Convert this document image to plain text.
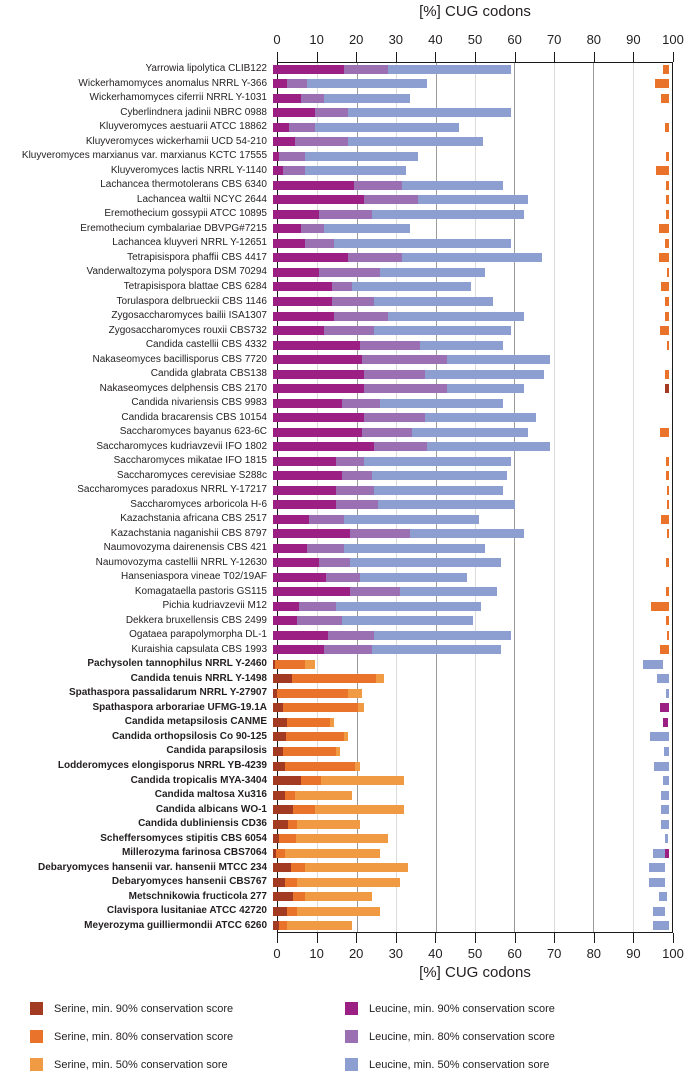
[%] CUG codons
0 10 20 30 40 50 60 70 80 90 100
Yarrowia lipolytica CLIB122
Wickerhamomyces anomalus NRRL Y-366
Wickerhamomyces ciferrii NRRL Y-1031
Cyberlindnera jadinii NBRC 0988
Kluyveromyces aestuarii ATCC 18862
Kluyveromyces wickerhamii UCD 54-210
Kluyveromyces marxianus var. marxianus KCTC 17555
Kluyveromyces lactis NRRL Y-1140
Lachancea thermotolerans CBS 6340
Lachancea waltii NCYC 2644
Eremothecium gossypii ATCC 10895
Eremothecium cymbalariae DBVPG#7215
Lachancea kluyveri NRRL Y-12651
Tetrapisispora phaffii CBS 4417
Vanderwaltozyma polyspora DSM 70294
Tetrapisispora blattae CBS 6284
Torulaspora delbrueckii CBS 1146
Zygosaccharomyces bailii ISA1307
Zygosaccharomyces rouxii CBS732
Candida castellii CBS 4332
Nakaseomyces bacillisporus CBS 7720
Candida glabrata CBS138
Nakaseomyces delphensis CBS 2170
Candida nivariensis CBS 9983
Candida bracarensis CBS 10154
Saccharomyces bayanus 623-6C
Saccharomyces kudriavzevii IFO 1802
Saccharomyces mikatae IFO 1815
Saccharomyces cerevisiae S288c
Saccharomyces paradoxus NRRL Y-17217
Saccharomyces arboricola H-6
Kazachstania africana CBS 2517
Kazachstania naganishii CBS 8797
Naumovozyma dairenensis CBS 421
Naumovozyma castellii NRRL Y-12630
Hanseniaspora vineae T02/19AF
Komagataella pastoris GS115
Pichia kudriavzevii M12
Dekkera bruxellensis CBS 2499
Ogataea parapolymorpha DL-1
Kuraishia capsulata CBS 1993
Pachysolen tannophilus NRRL Y-2460
Candida tenuis NRRL Y-1498
Spathaspora passalidarum NRRL Y-27907
Spathaspora arborariae UFMG-19.1A
Candida metapsilosis CANME
Candida orthopsilosis Co 90-125
Candida parapsilosis
Lodderomyces elongisporus NRRL YB-4239
Candida tropicalis MYA-3404
Candida maltosa Xu316
Candida albicans WO-1
Candida dubliniensis CD36
Scheffersomyces stipitis CBS 6054
Millerozyma farinosa CBS7064
Debaryomyces hansenii var. hansenii MTCC 234
Debaryomyces hansenii CBS767
Metschnikowia fructicola 277
Clavispora lusitaniae ATCC 42720
Meyerozyma guilliermondii ATCC 6260
0 10 20 30 40 50 60 70 80 90 100
[%] CUG codons
Serine, min. 90% conservation score
Serine, min. 80% conservation score
Serine, min. 50% conservation sore
Leucine, min. 90% conservation score
Leucine, min. 80% conservation score
Leucine, min. 50% conservation sore
